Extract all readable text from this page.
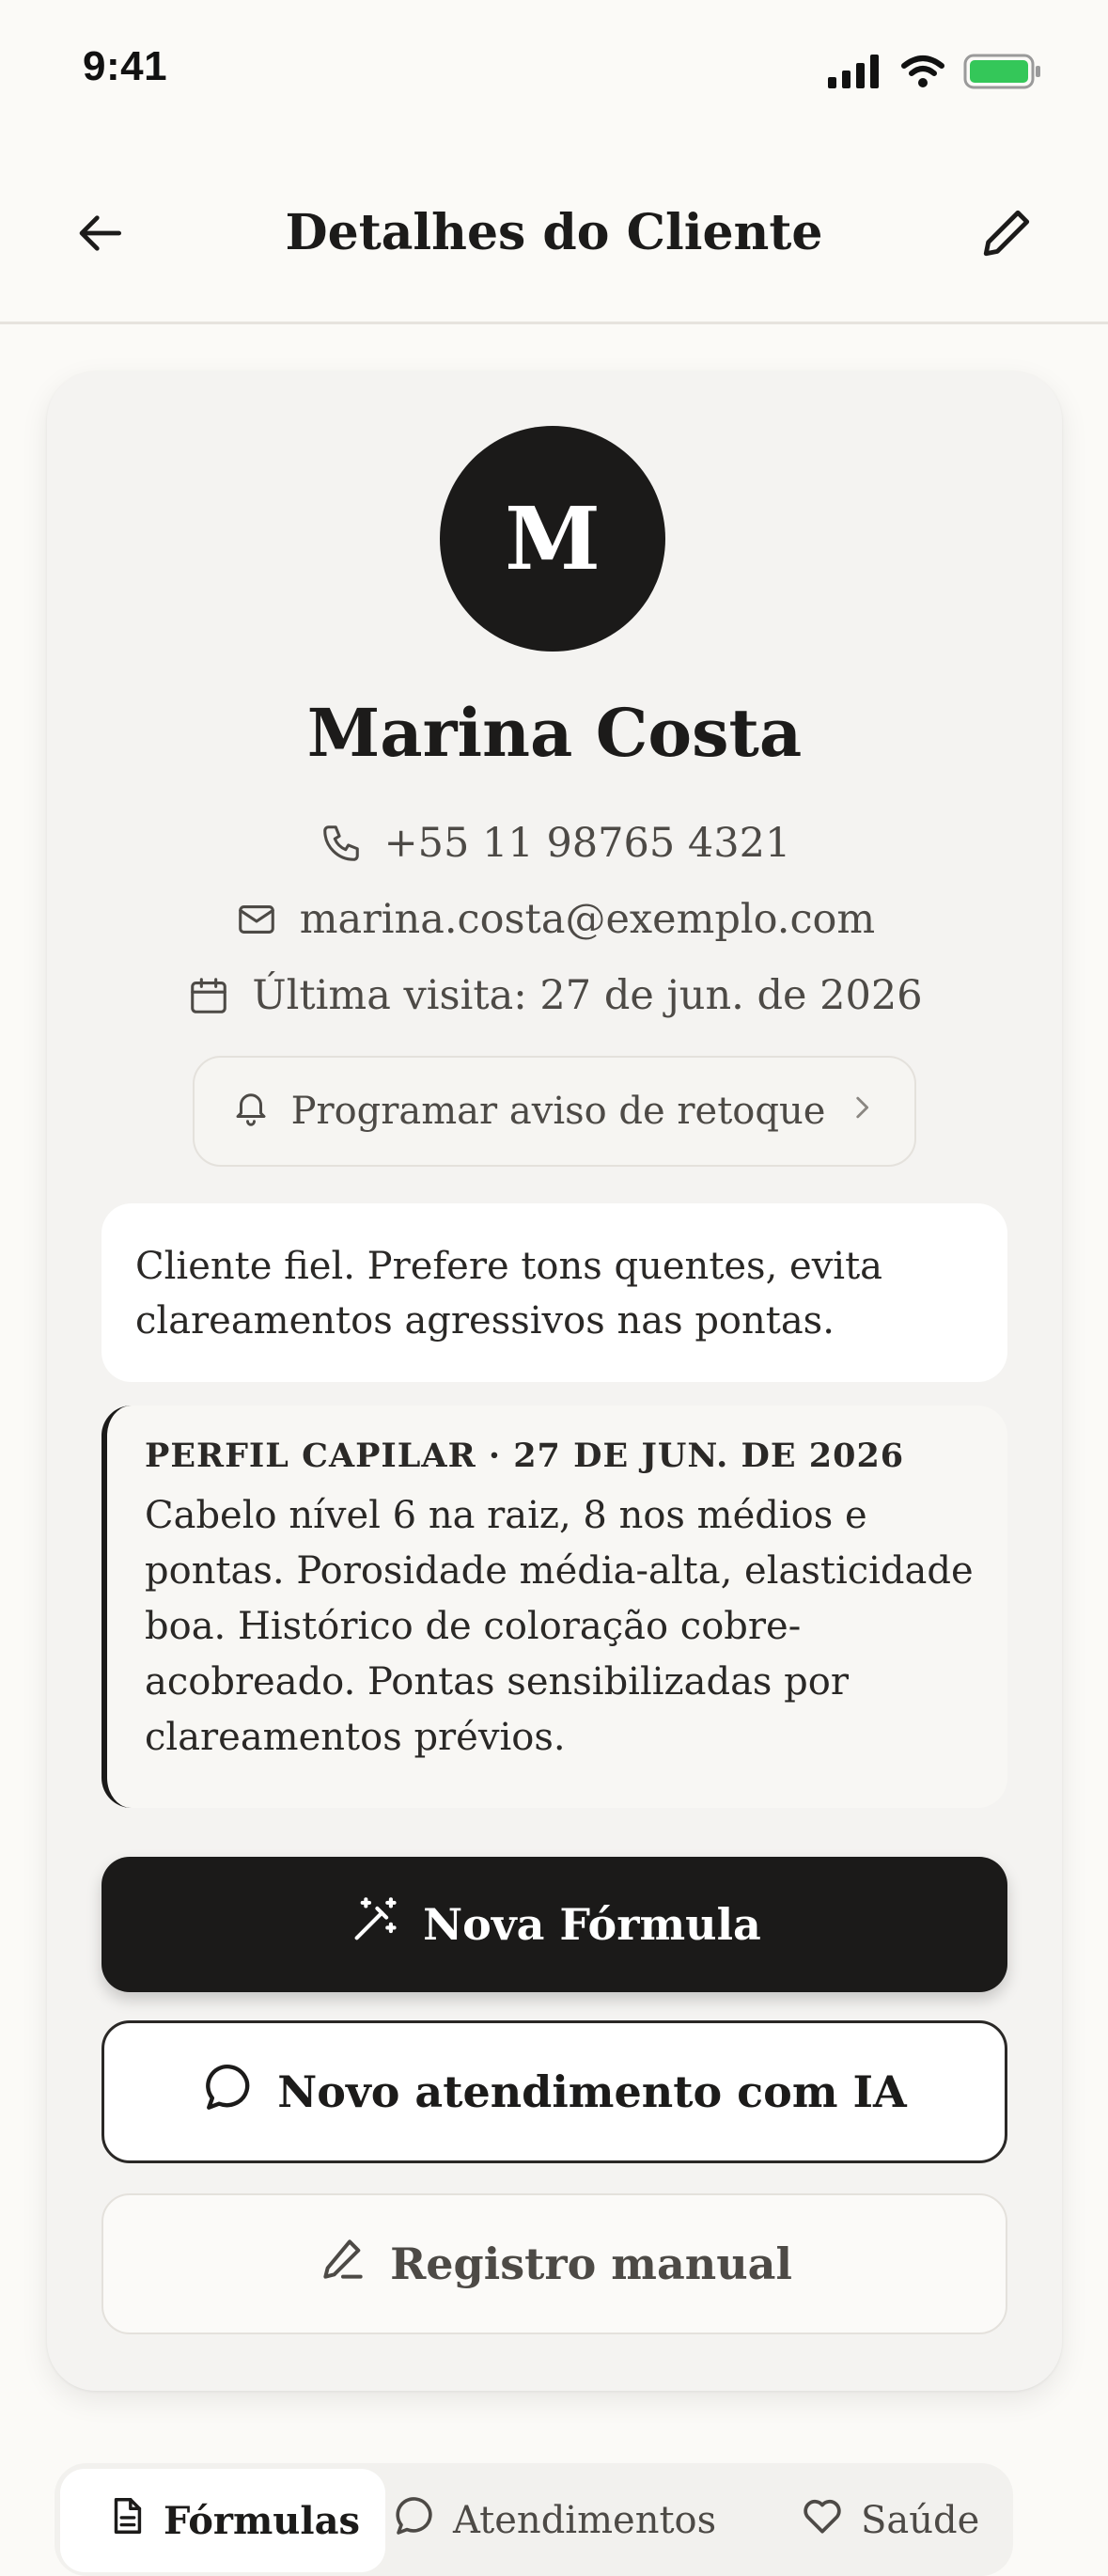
9:41
Detalhes do Cliente
M
Marina Costa
+55 11 98765 4321
marina.costa@exemplo.com
Última visita: 27 de jun. de 2026
Programar aviso de retoque
Cliente fiel. Prefere tons quentes, evita clareamentos agressivos nas pontas.
PERFIL CAPILAR · 27 DE JUN. DE 2026
Cabelo nível 6 na raiz, 8 nos médios e pontas. Porosidade média-alta, elasticidade boa. Histórico de coloração cobre-acobreado. Pontas sensibilizadas por clareamentos prévios.
Nova Fórmula
Novo atendimento com IA
Registro manual
Fórmulas Atendimentos	Saúde
